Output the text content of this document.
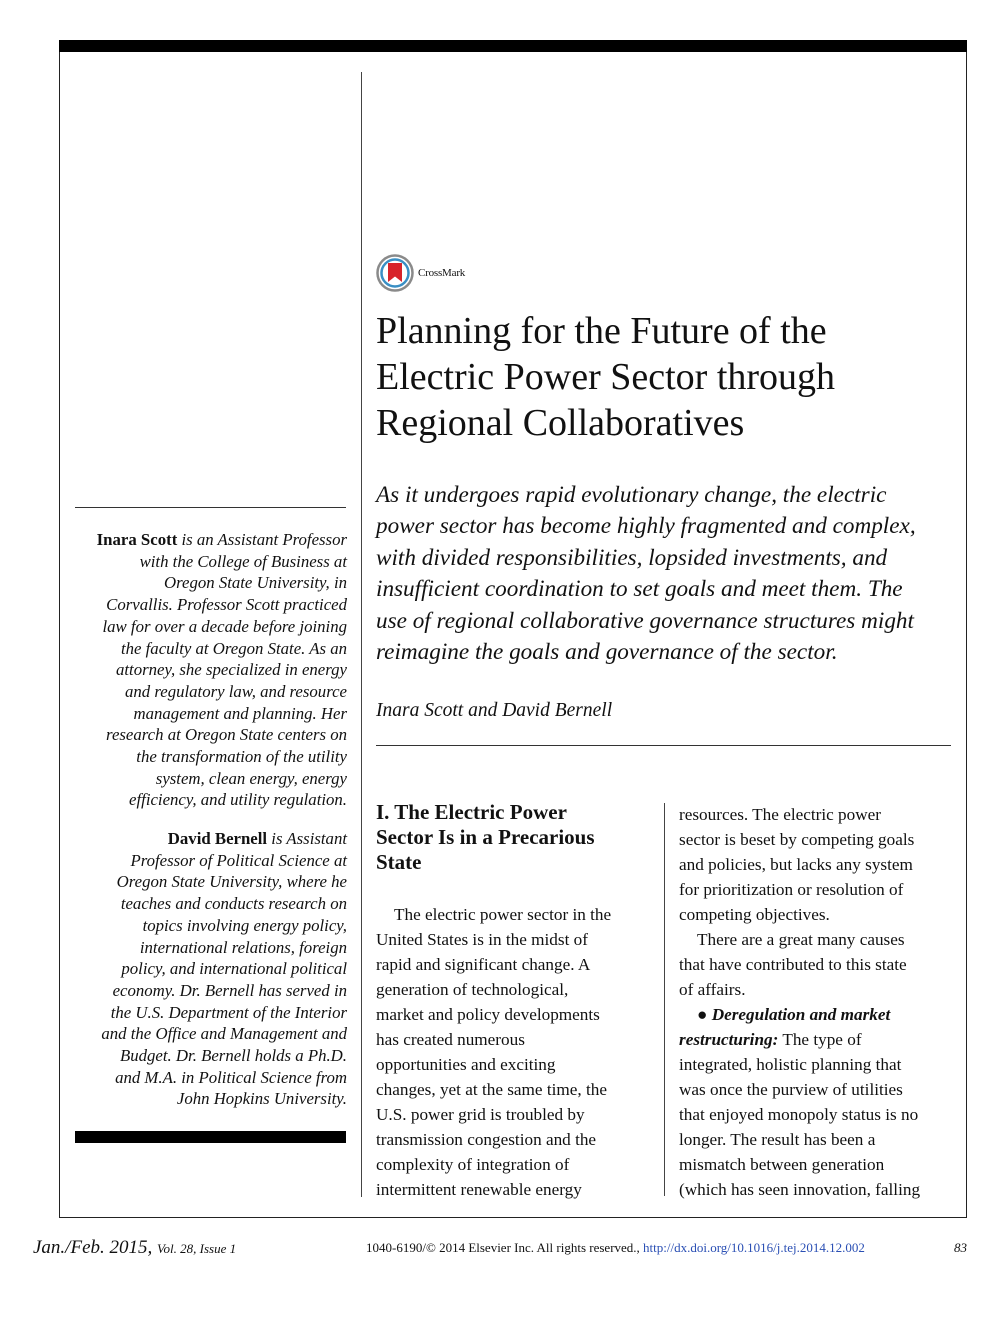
Inara Scott is an Assistant Professor
with the College of Business at
Oregon State University, in
Corvallis. Professor Scott practiced
law for over a decade before joining
the faculty at Oregon State. As an
attorney, she specialized in energy
and regulatory law, and resource
management and planning. Her
research at Oregon State centers on
the transformation of the utility
system, clean energy, energy
efficiency, and utility regulation.
David Bernell is Assistant
Professor of Political Science at
Oregon State University, where he
teaches and conducts research on
topics involving energy policy,
international relations, foreign
policy, and international political
economy. Dr. Bernell has served in
the U.S. Department of the Interior
and the Office and Management and
Budget. Dr. Bernell holds a Ph.D.
and M.A. in Political Science from
John Hopkins University.
CrossMark
Planning for the Future of the
Electric Power Sector through
Regional Collaboratives
As it undergoes rapid evolutionary change, the electric
power sector has become highly fragmented and complex,
with divided responsibilities, lopsided investments, and
insufficient coordination to set goals and meet them. The
use of regional collaborative governance structures might
reimagine the goals and governance of the sector.
Inara Scott and David Bernell
I. The Electric Power
Sector Is in a Precarious
State

The electric power sector in the
United States is in the midst of
rapid and significant change. A
generation of technological,
market and policy developments
has created numerous
opportunities and exciting
changes, yet at the same time, the
U.S. power grid is troubled by
transmission congestion and the
complexity of integration of
intermittent renewable energy

resources. The electric power
sector is beset by competing goals
and policies, but lacks any system
for prioritization or resolution of
competing objectives.

There are a great many causes
that have contributed to this state
of affairs.

● Deregulation and market
restructuring: The type of
integrated, holistic planning that
was once the purview of utilities
that enjoyed monopoly status is no
longer. The result has been a
mismatch between generation
(which has seen innovation, falling

Jan./Feb. 2015, Vol. 28, Issue 1	1040-6190/© 2014 Elsevier Inc. All rights reserved., http://dx.doi.org/10.1016/j.tej.2014.12.002	83
